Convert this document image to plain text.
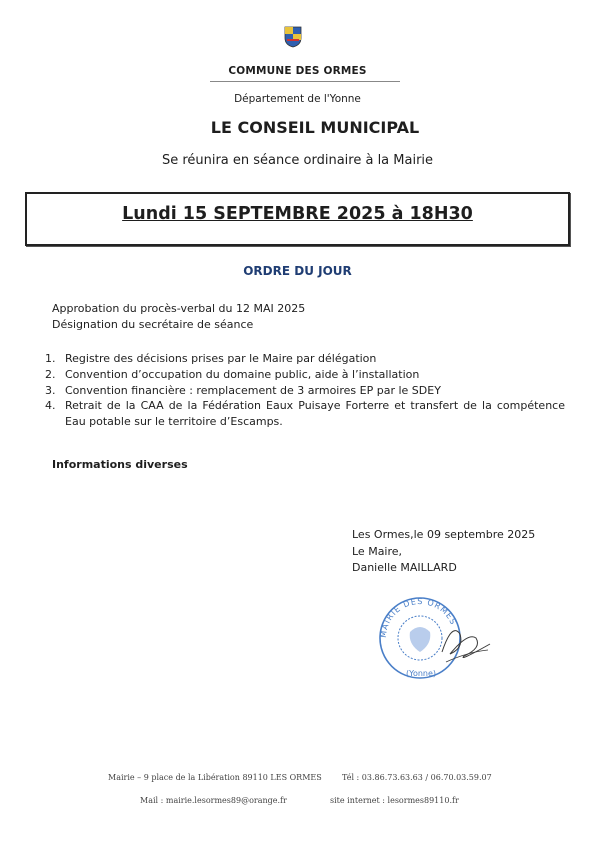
COMMUNE DES ORMES
Département de l'Yonne
LE CONSEIL MUNICIPAL
Se réunira en séance ordinaire à la Mairie
Lundi 15 SEPTEMBRE 2025 à 18H30
ORDRE DU JOUR
Approbation du procès-verbal du 12 MAI 2025
Désignation du secrétaire de séance
1. Registre des décisions prises par le Maire par délégation
2. Convention d’occupation du domaine public, aide à l’installation
3. Convention financière : remplacement de 3 armoires EP par le SDEY
4. Retrait de la CAA de la Fédération Eaux Puisaye Forterre et transfert de la compétence Eau potable sur le territoire d’Escamps.
Informations diverses
Les Ormes,le 09 septembre 2025
Le Maire,
Danielle MAILLARD
MAIRIE DES ORMES
(Yonne)
Mairie – 9 place de la Libération 89110 LES ORMES	Tél : 03.86.73.63.63 / 06.70.03.59.07
Mail : mairie.lesormes89@orange.fr	site internet : lesormes89110.fr
